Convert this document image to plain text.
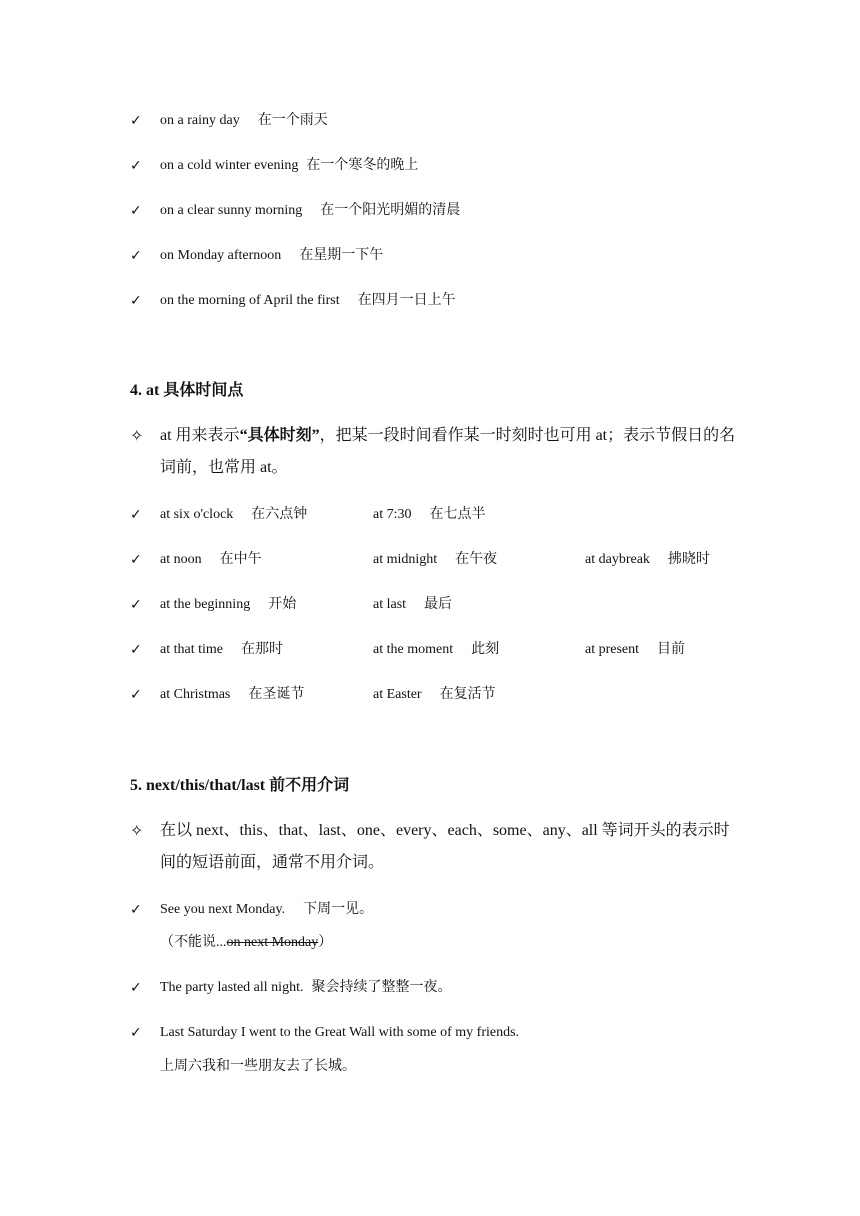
✓ on a rainy day 在一个雨天
✓ on a cold winter evening 在一个寒冬的晚上
✓ on a clear sunny morning 在一个阳光明媚的清晨
✓ on Monday afternoon 在星期一下午
✓ on the morning of April the first 在四月一日上午
4. at 具体时间点
✧ at 用来表示“具体时刻”，把某一段时间看作某一时刻时也可用 at；表示节假日的名词前，也常用 at。
✓ at six o'clock 在六点钟	at 7:30 在七点半
✓ at noon 在中午	at midnight 在午夜	at daybreak 拂晓时
✓ at the beginning 开始	at last 最后
✓ at that time 在那时	at the moment 此刻	at present 目前
✓ at Christmas 在圣诞节	at Easter 在复活节
5. next/this/that/last 前不用介词
✧ 在以 next、this、that、last、one、every、each、some、any、all 等词开头的表示时间的短语前面，通常不用介词。
✓ See you next Monday. 下周一见。
（不能说...on next Monday）
✓ The party lasted all night. 聚会持续了整整一夜。
✓ Last Saturday I went to the Great Wall with some of my friends.
上周六我和一些朋友去了长城。
